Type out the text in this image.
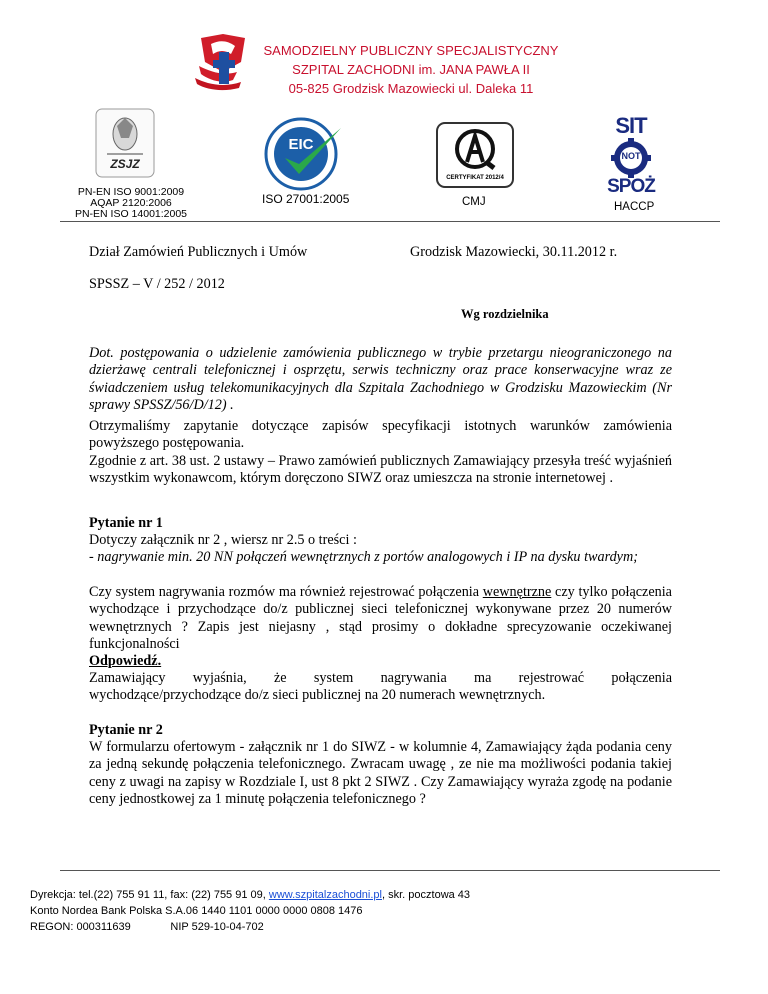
SAMODZIELNY PUBLICZNY SPECJALISTYCZNY
SZPITAL ZACHODNI im. JANA PAWŁA II
05-825 Grodzisk Mazowiecki ul. Daleka 11
ZSJZ
PN-EN ISO 9001:2009
AQAP 2120:2006
PN-EN ISO 14001:2005
EIC
ISO 27001:2005
CERTYFIKAT 2012/4
CMJ
SIT
NOT
SPOŻ
HACCP
Dział Zamówień Publicznych i Umów	Grodzisk Mazowiecki, 30.11.2012 r.
SPSSZ – V / 252 / 2012
Wg rozdzielnika
Dot. postępowania o udzielenie zamówienia publicznego w trybie przetargu nieograniczonego na dzierżawę centrali telefonicznej i osprzętu, serwis techniczny oraz prace konserwacyjne wraz ze świadczeniem usług telekomunikacyjnych dla Szpitala Zachodniego w Grodzisku Mazowieckim (Nr sprawy SPSSZ/56/D/12) .
Otrzymaliśmy zapytanie dotyczące zapisów specyfikacji istotnych warunków zamówienia powyższego postępowania.
Zgodnie z art. 38 ust. 2 ustawy – Prawo zamówień publicznych Zamawiający przesyła treść wyjaśnień wszystkim wykonawcom, którym doręczono SIWZ oraz umieszcza na stronie internetowej .
Pytanie nr 1
Dotyczy załącznik nr 2 , wiersz nr 2.5 o treści :
- nagrywanie min. 20 NN połączeń wewnętrznych z portów analogowych i IP na dysku twardym;
Czy system nagrywania rozmów ma również rejestrować połączenia wewnętrzne czy tylko połączenia wychodzące i przychodzące do/z publicznej sieci telefonicznej wykonywane przez 20 numerów wewnętrznych ? Zapis jest niejasny , stąd prosimy o dokładne sprecyzowanie oczekiwanej funkcjonalności
Odpowiedź.
Zamawiający wyjaśnia, że system nagrywania ma rejestrować połączenia
wychodzące/przychodzące do/z sieci publicznej na 20 numerach wewnętrznych.
Pytanie nr 2
W formularzu ofertowym - załącznik nr 1 do SIWZ - w kolumnie 4, Zamawiający żąda podania ceny za jedną sekundę połączenia telefonicznego. Zwracam uwagę , ze nie ma możliwości podania takiej ceny z uwagi na zapisy w Rozdziale I, ust 8 pkt 2 SIWZ . Czy Zamawiający wyraża zgodę na podanie ceny jednostkowej za 1 minutę połączenia telefonicznego ?
Dyrekcja: tel.(22) 755 91 11, fax: (22) 755 91 09, www.szpitalzachodni.pl, skr. pocztowa 43
Konto Nordea Bank Polska S.A.06 1440 1101 0000 0000 0808 1476
REGON: 000311639             NIP 529-10-04-702
